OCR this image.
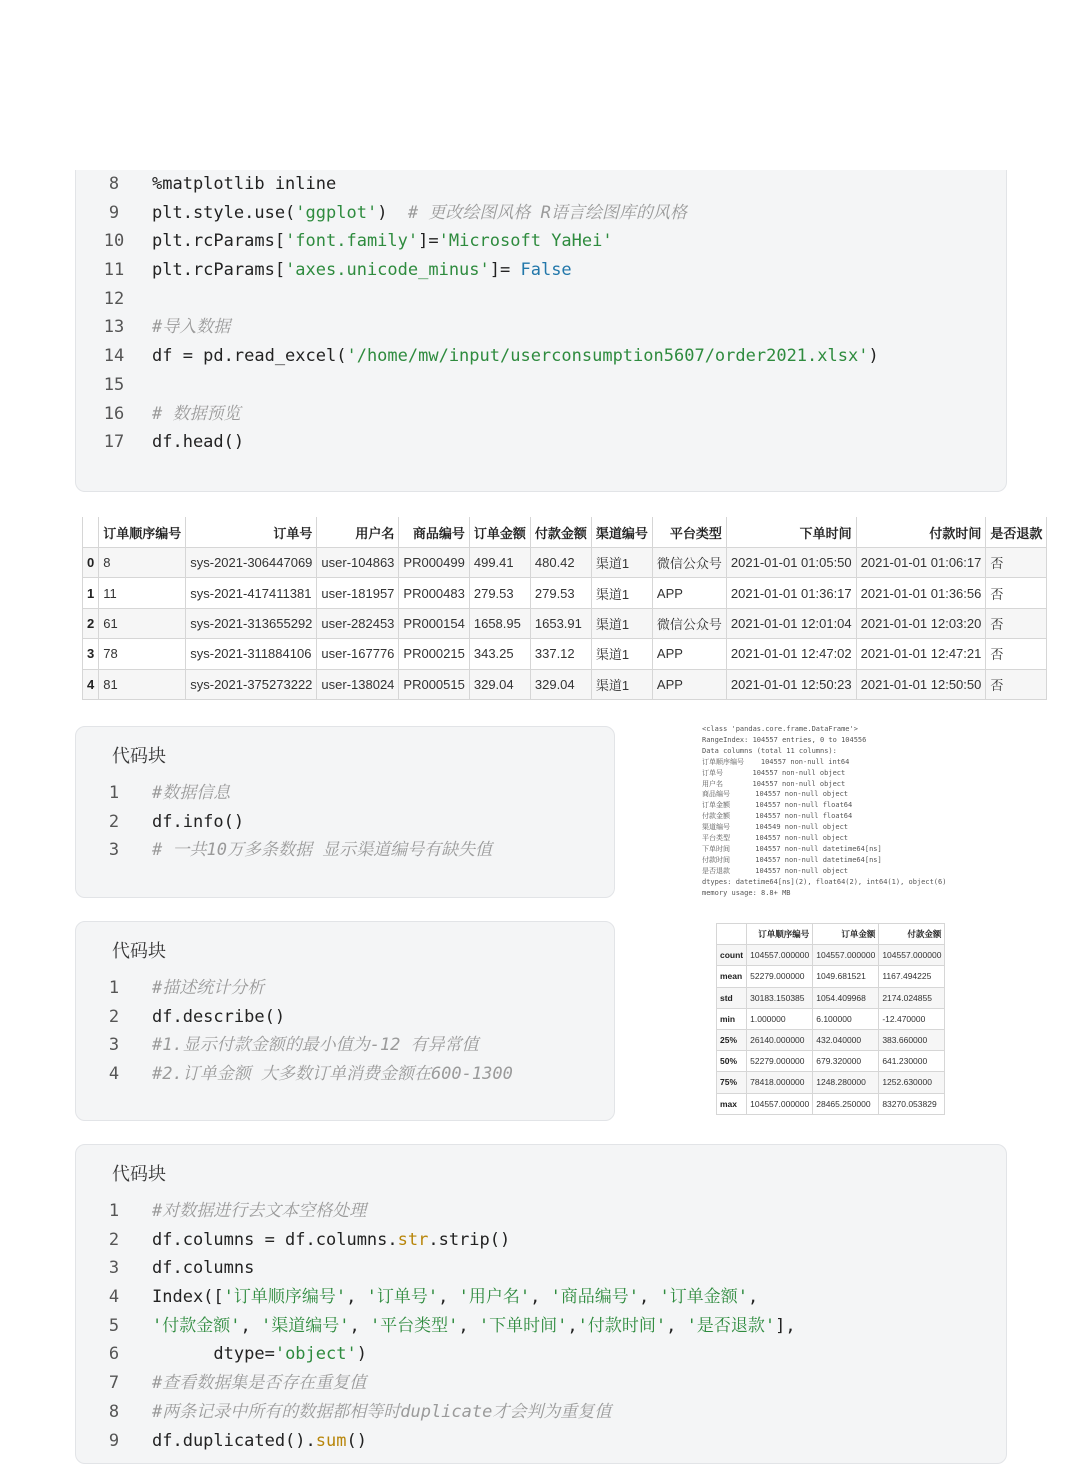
8	%matplotlib inline
9	plt.style.use('ggplot')  # 更改绘图风格 R语言绘图库的风格
10	plt.rcParams['font.family']='Microsoft YaHei'
11	plt.rcParams['axes.unicode_minus']= False
12
13	#导入数据
14	df = pd.read_excel('/home/mw/input/userconsumption5607/order2021.xlsx')
15
16	# 数据预览
17	df.head()
	订单顺序编号	订单号	用户名	商品编号	订单金额	付款金额	渠道编号	平台类型	下单时间	付款时间	是否退款
0	8	sys-2021-306447069	user-104863	PR000499	499.41	480.42	渠道1	微信公众号	2021-01-01 01:05:50	2021-01-01 01:06:17	否
1	11	sys-2021-417411381	user-181957	PR000483	279.53	279.53	渠道1	APP	2021-01-01 01:36:17	2021-01-01 01:36:56	否
2	61	sys-2021-313655292	user-282453	PR000154	1658.95	1653.91	渠道1	微信公众号	2021-01-01 12:01:04	2021-01-01 12:03:20	否
3	78	sys-2021-311884106	user-167776	PR000215	343.25	337.12	渠道1	APP	2021-01-01 12:47:02	2021-01-01 12:47:21	否
4	81	sys-2021-375273222	user-138024	PR000515	329.04	329.04	渠道1	APP	2021-01-01 12:50:23	2021-01-01 12:50:50	否
代码块
1	#数据信息
2	df.info()
3	# 一共10万多条数据 显示渠道编号有缺失值
<class 'pandas.core.frame.DataFrame'>
RangeIndex: 104557 entries, 0 to 104556
Data columns (total 11 columns):
订单顺序编号    104557 non-null int64
订单号       104557 non-null object
用户名       104557 non-null object
商品编号      104557 non-null object
订单金额      104557 non-null float64
付款金额      104557 non-null float64
渠道编号      104549 non-null object
平台类型      104557 non-null object
下单时间      104557 non-null datetime64[ns]
付款时间      104557 non-null datetime64[ns]
是否退款      104557 non-null object
dtypes: datetime64[ns](2), float64(2), int64(1), object(6)
memory usage: 8.8+ MB
代码块
1	#描述统计分析
2	df.describe()
3	#1.显示付款金额的最小值为-12 有异常值
4	#2.订单金额 大多数订单消费金额在600-1300
	订单顺序编号	订单金额	付款金额
count	104557.000000	104557.000000	104557.000000
mean	52279.000000	1049.681521	1167.494225
std	30183.150385	1054.409968	2174.024855
min	1.000000	6.100000	-12.470000
25%	26140.000000	432.040000	383.660000
50%	52279.000000	679.320000	641.230000
75%	78418.000000	1248.280000	1252.630000
max	104557.000000	28465.250000	83270.053829
代码块
1	#对数据进行去文本空格处理
2	df.columns = df.columns.str.strip()
3	df.columns
4	Index(['订单顺序编号', '订单号', '用户名', '商品编号', '订单金额',
5	'付款金额', '渠道编号', '平台类型', '下单时间','付款时间', '是否退款'],
6	dtype='object')
7	#查看数据集是否存在重复值
8	#两条记录中所有的数据都相等时duplicate才会判为重复值
9	df.duplicated().sum()
